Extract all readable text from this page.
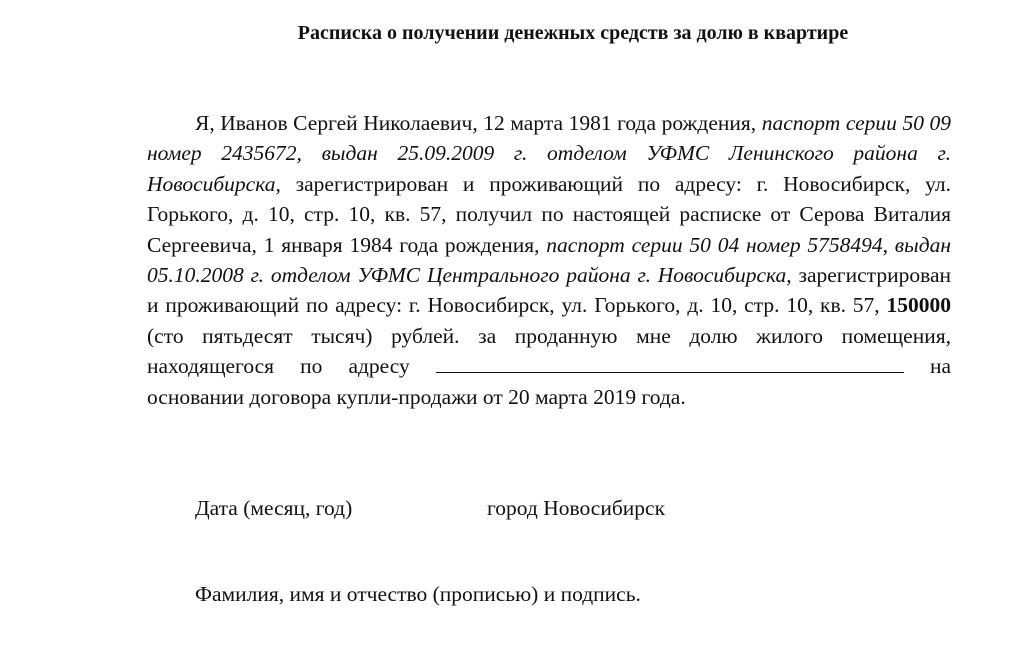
Расписка о получении денежных средств за долю в квартире
Я, Иванов Сергей Николаевич, 12 марта 1981 года рождения, паспорт серии 50 09 номер 2435672, выдан 25.09.2009 г. отделом УФМС Ленинского района г. Новосибирска, зарегистрирован и проживающий по адресу: г. Новосибирск, ул. Горького, д. 10, стр. 10, кв. 57, получил по настоящей расписке от Серова Виталия Сергеевича, 1 января 1984 года рождения, паспорт серии 50 04 номер 5758494, выдан 05.10.2008 г. отделом УФМС Центрального района г. Новосибирска, зарегистрирован и проживающий по адресу: г. Новосибирск, ул. Горького, д. 10, стр. 10, кв. 57, 150000 (сто пятьдесят тысяч) рублей. за проданную мне долю жилого помещения, находящегося по адресу	на основании договора купли-продажи от 20 марта 2019 года.
Дата (месяц, год)	город Новосибирск
Фамилия, имя и отчество (прописью) и подпись.
